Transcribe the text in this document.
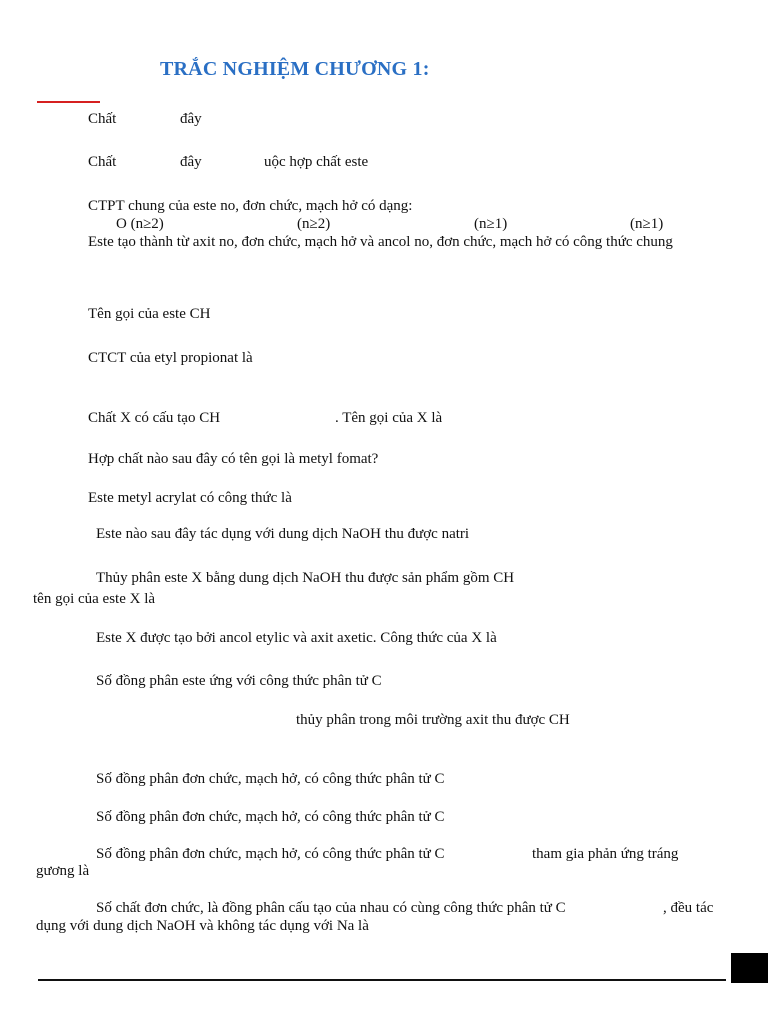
TRẮC NGHIỆM CHƯƠNG 1:
Chất	đây
Chất	đây	uộc hợp chất este
CTPT chung của este no, đơn chức, mạch hở có dạng:
O (n≥2)	(n≥2)	(n≥1)	(n≥1)
Este tạo thành từ axit no, đơn chức, mạch hở và ancol no, đơn chức, mạch hở có công thức chung
Tên gọi của este CH
CTCT của etyl propionat là
Chất X có cấu tạo CH	. Tên gọi của X là
Hợp chất nào sau đây có tên gọi là metyl fomat?
Este metyl acrylat có công thức là
Este nào sau đây tác dụng với dung dịch NaOH thu được natri
Thủy phân este X bằng dung dịch NaOH thu được sản phẩm gồm CH
tên gọi của este X là
Este X được tạo bởi ancol etylic và axit axetic. Công thức của X là
Số đồng phân este ứng với công thức phân tử C
thủy phân trong môi trường axit thu được CH
Số đồng phân đơn chức, mạch hở, có công thức phân tử C
Số đồng phân đơn chức, mạch hở, có công thức phân tử C
Số đồng phân đơn chức, mạch hở, có công thức phân tử C	tham gia phản ứng tráng
gương là
Số chất đơn chức, là đồng phân cấu tạo của nhau có cùng công thức phân tử C	, đều tác
dụng với dung dịch NaOH và không tác dụng với Na là
